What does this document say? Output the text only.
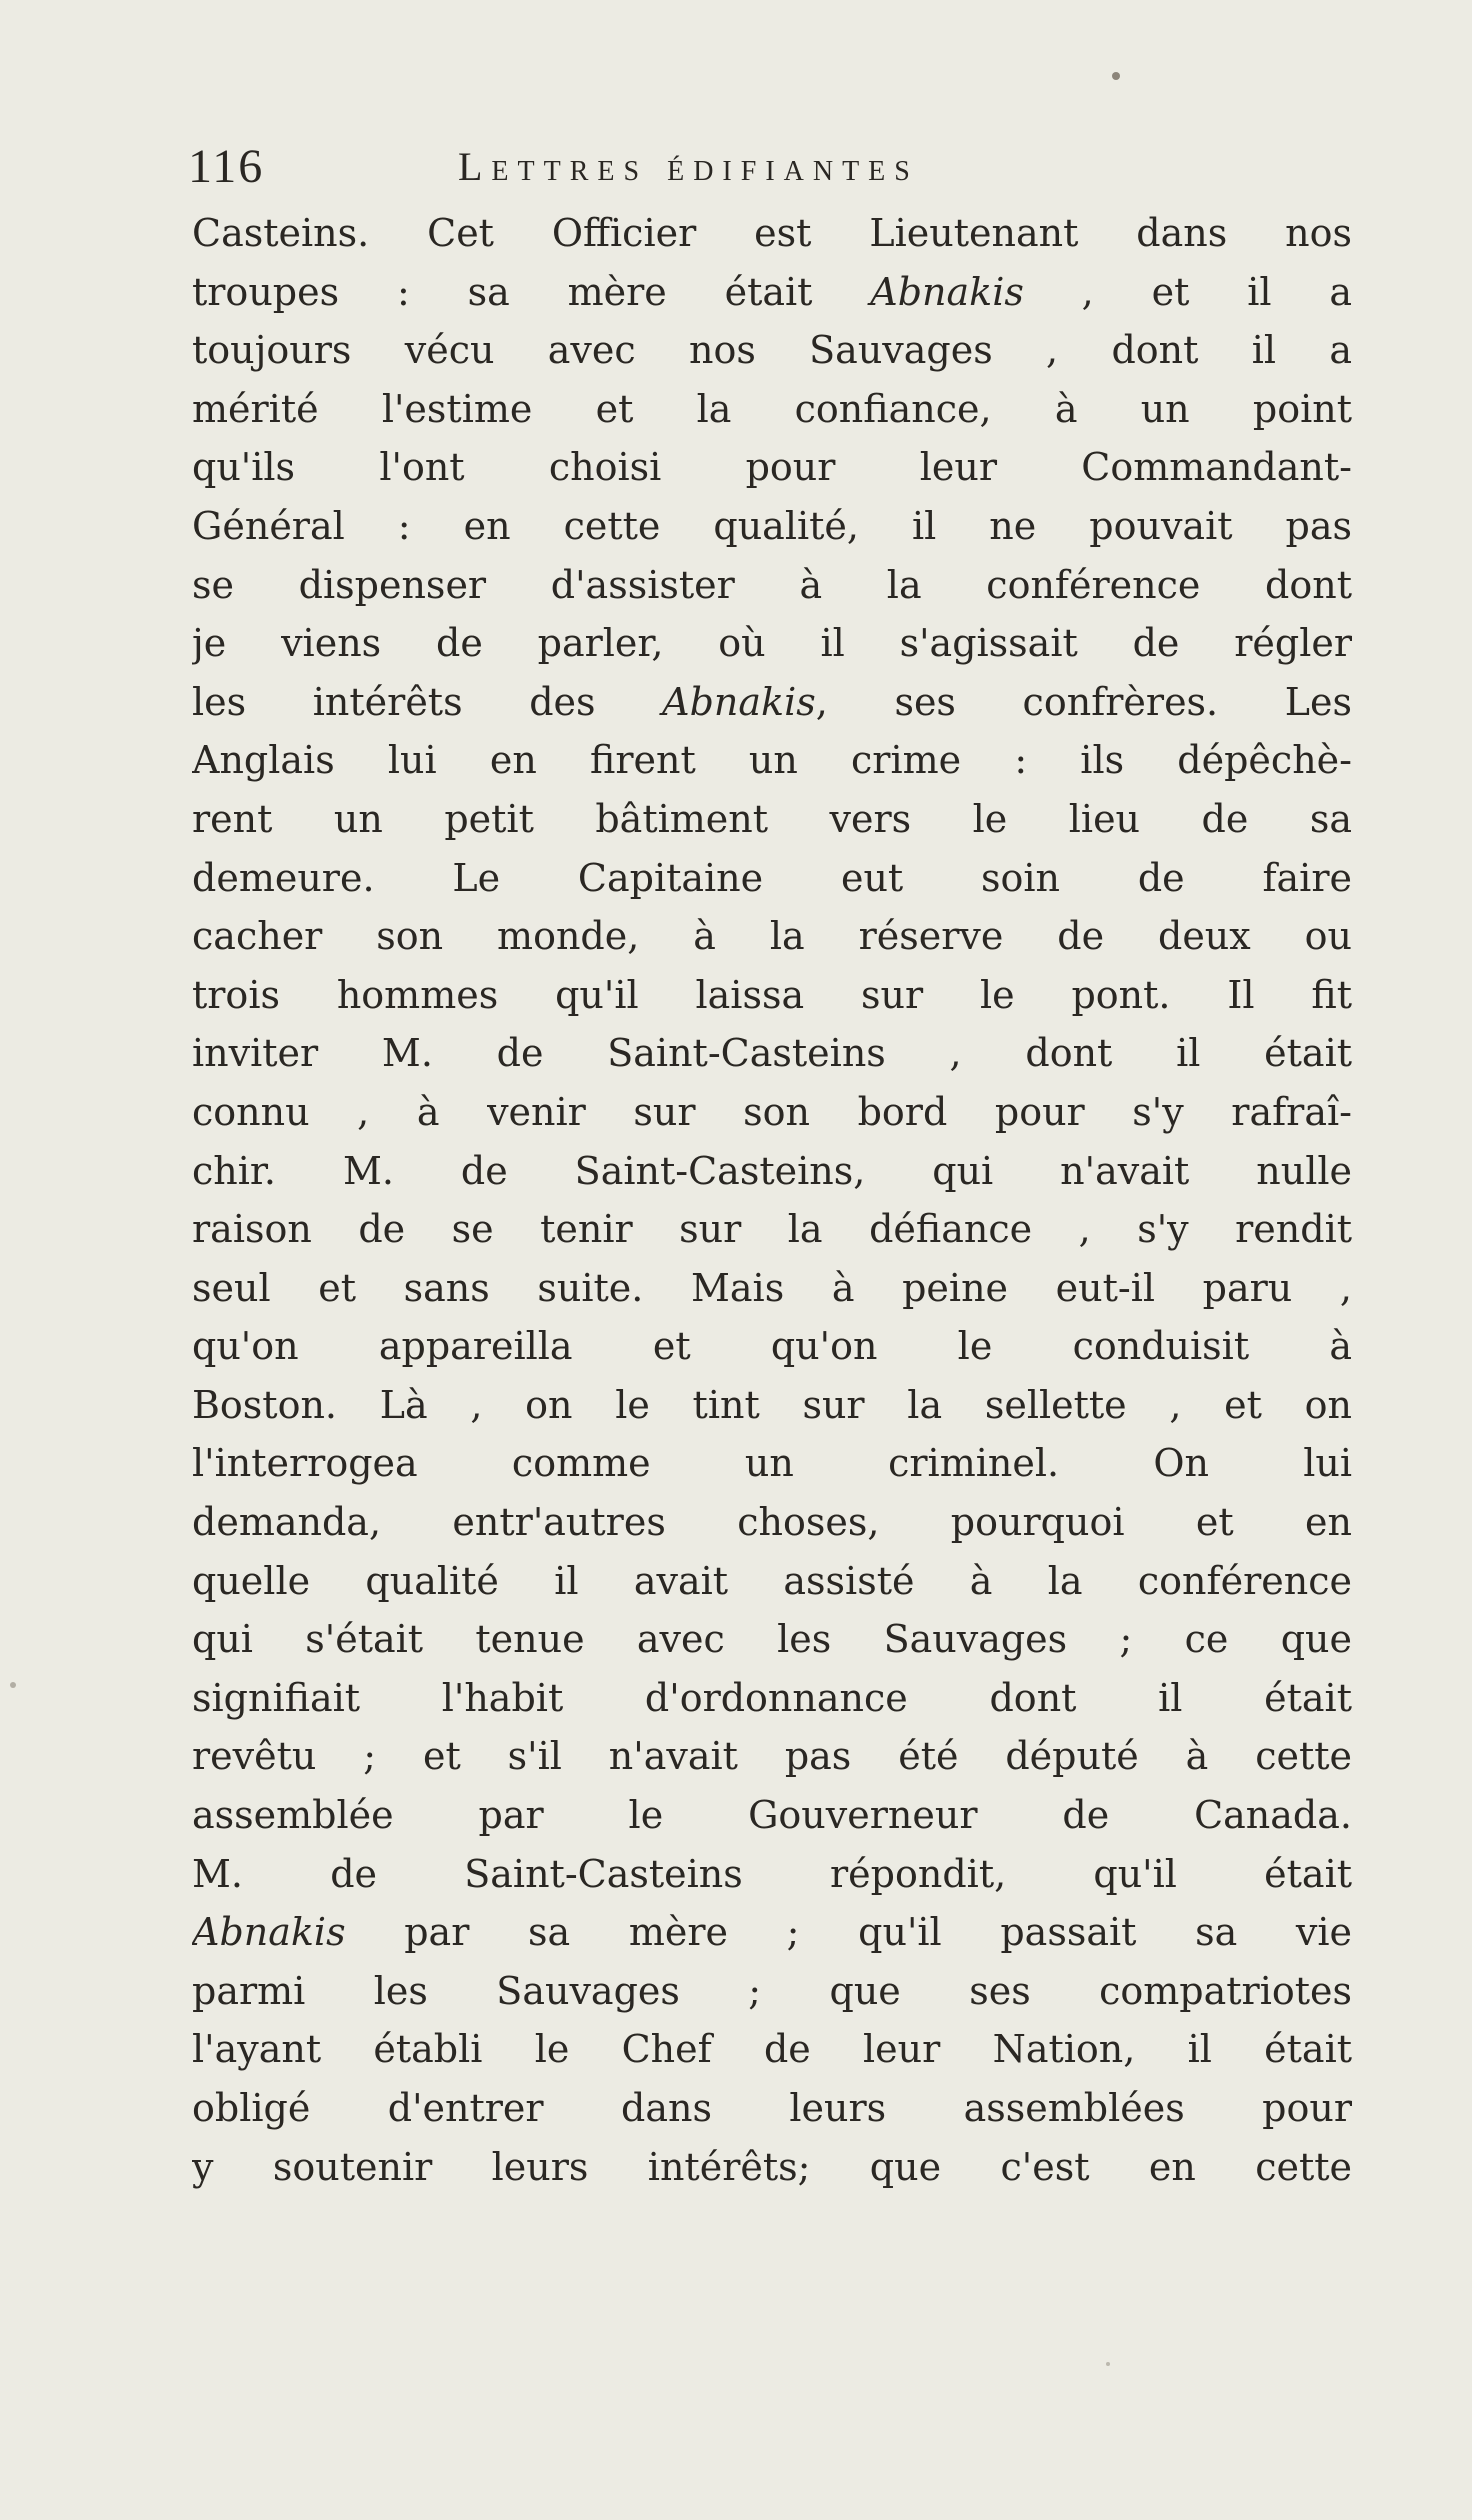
116	Lettres édifiantes
Casteins. Cet Officier est Lieutenant dans nos
troupes : sa mère était Abnakis , et il a
toujours vécu avec nos Sauvages , dont il a
mérité l'estime et la confiance, à un point
qu'ils l'ont choisi pour leur Commandant-
Général : en cette qualité, il ne pouvait pas
se dispenser d'assister à la conférence dont
je viens de parler, où il s'agissait de régler
les intérêts des Abnakis, ses confrères. Les
Anglais lui en firent un crime : ils dépêchè-
rent un petit bâtiment vers le lieu de sa
demeure. Le Capitaine eut soin de faire
cacher son monde, à la réserve de deux ou
trois hommes qu'il laissa sur le pont. Il fit
inviter M. de Saint-Casteins , dont il était
connu , à venir sur son bord pour s'y rafraî-
chir. M. de Saint-Casteins, qui n'avait nulle
raison de se tenir sur la défiance , s'y rendit
seul et sans suite. Mais à peine eut-il paru ,
qu'on appareilla et qu'on le conduisit à
Boston. Là , on le tint sur la sellette , et on
l'interrogea comme un criminel. On lui
demanda, entr'autres choses, pourquoi et en
quelle qualité il avait assisté à la conférence
qui s'était tenue avec les Sauvages ; ce que
signifiait l'habit d'ordonnance dont il était
revêtu ; et s'il n'avait pas été député à cette
assemblée par le Gouverneur de Canada.
M. de Saint-Casteins répondit, qu'il était
Abnakis par sa mère ; qu'il passait sa vie
parmi les Sauvages ; que ses compatriotes
l'ayant établi le Chef de leur Nation, il était
obligé d'entrer dans leurs assemblées pour
y soutenir leurs intérêts; que c'est en cette
